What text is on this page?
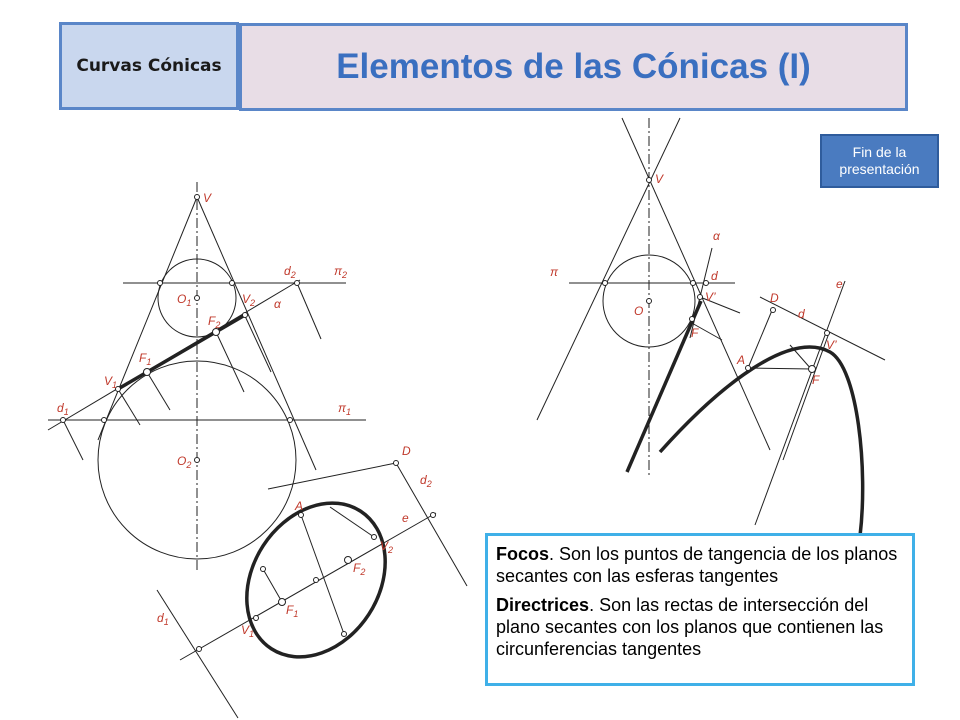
Curvas Cónicas	Elementos de las Cónicas (I)
Fin de la presentación
V
$d_2$	$\pi_2$
$O_1$	$V_2$ α
$F_2$
$F_1$
$V_1$
$d_1$	$\pi_1$
$O_2$
D
$d_2$
A
e
$V_2$
$F_2$
$F_1$
$d_1$
$V_1$
V
α
π	d
e
V’	D
O	d
F
V’
A
F

Focos. Son los puntos de tangencia de los planos secantes con las esferas tangentes

Directrices. Son las rectas de intersección del plano secantes con los planos que contienen las circunferencias tangentes
